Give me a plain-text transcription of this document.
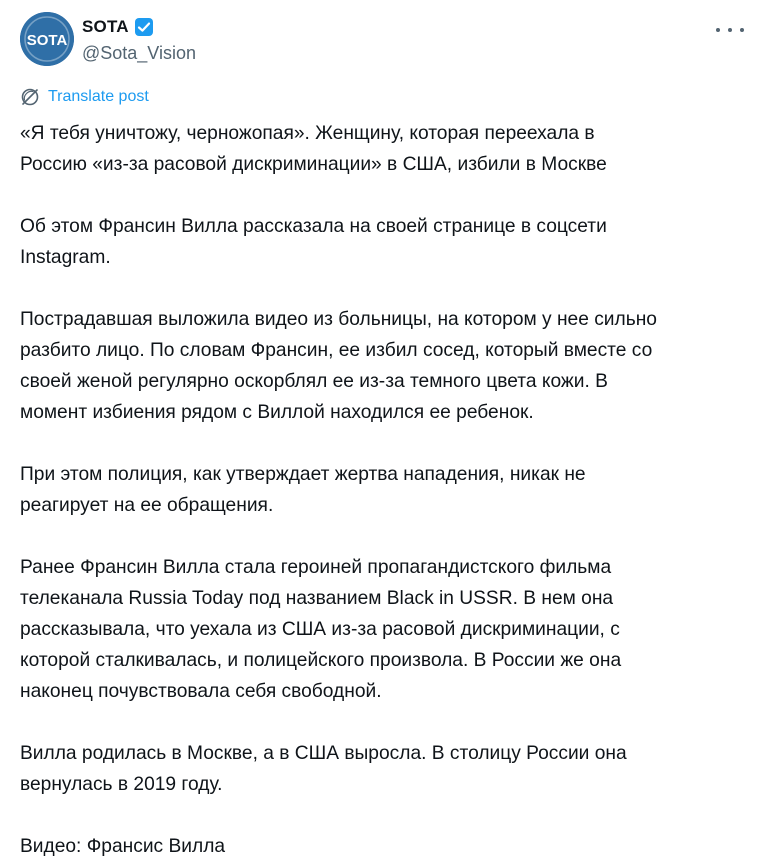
SOTA
SOTA
@Sota_Vision
Translate post

«Я тебя уничтожу, черножопая». Женщину, которая переехала в
Россию «из-за расовой дискриминации» в США, избили в Москве

Об этом Франсин Вилла рассказала на своей странице в соцсети
Instagram.

Пострадавшая выложила видео из больницы, на котором у нее сильно
разбито лицо. По словам Франсин, ее избил сосед, который вместе со
своей женой регулярно оскорблял ее из-за темного цвета кожи. В
момент избиения рядом с Виллой находился ее ребенок.

При этом полиция, как утверждает жертва нападения, никак не
реагирует на ее обращения.

Ранее Франсин Вилла стала героиней пропагандистского фильма
телеканала Russia Today под названием Black in USSR. В нем она
рассказывала, что уехала из США из-за расовой дискриминации, с
которой сталкивалась, и полицейского произвола. В России же она
наконец почувствовала себя свободной.

Вилла родилась в Москве, а в США выросла. В столицу России она
вернулась в 2019 году.

Видео: Франсис Вилла
